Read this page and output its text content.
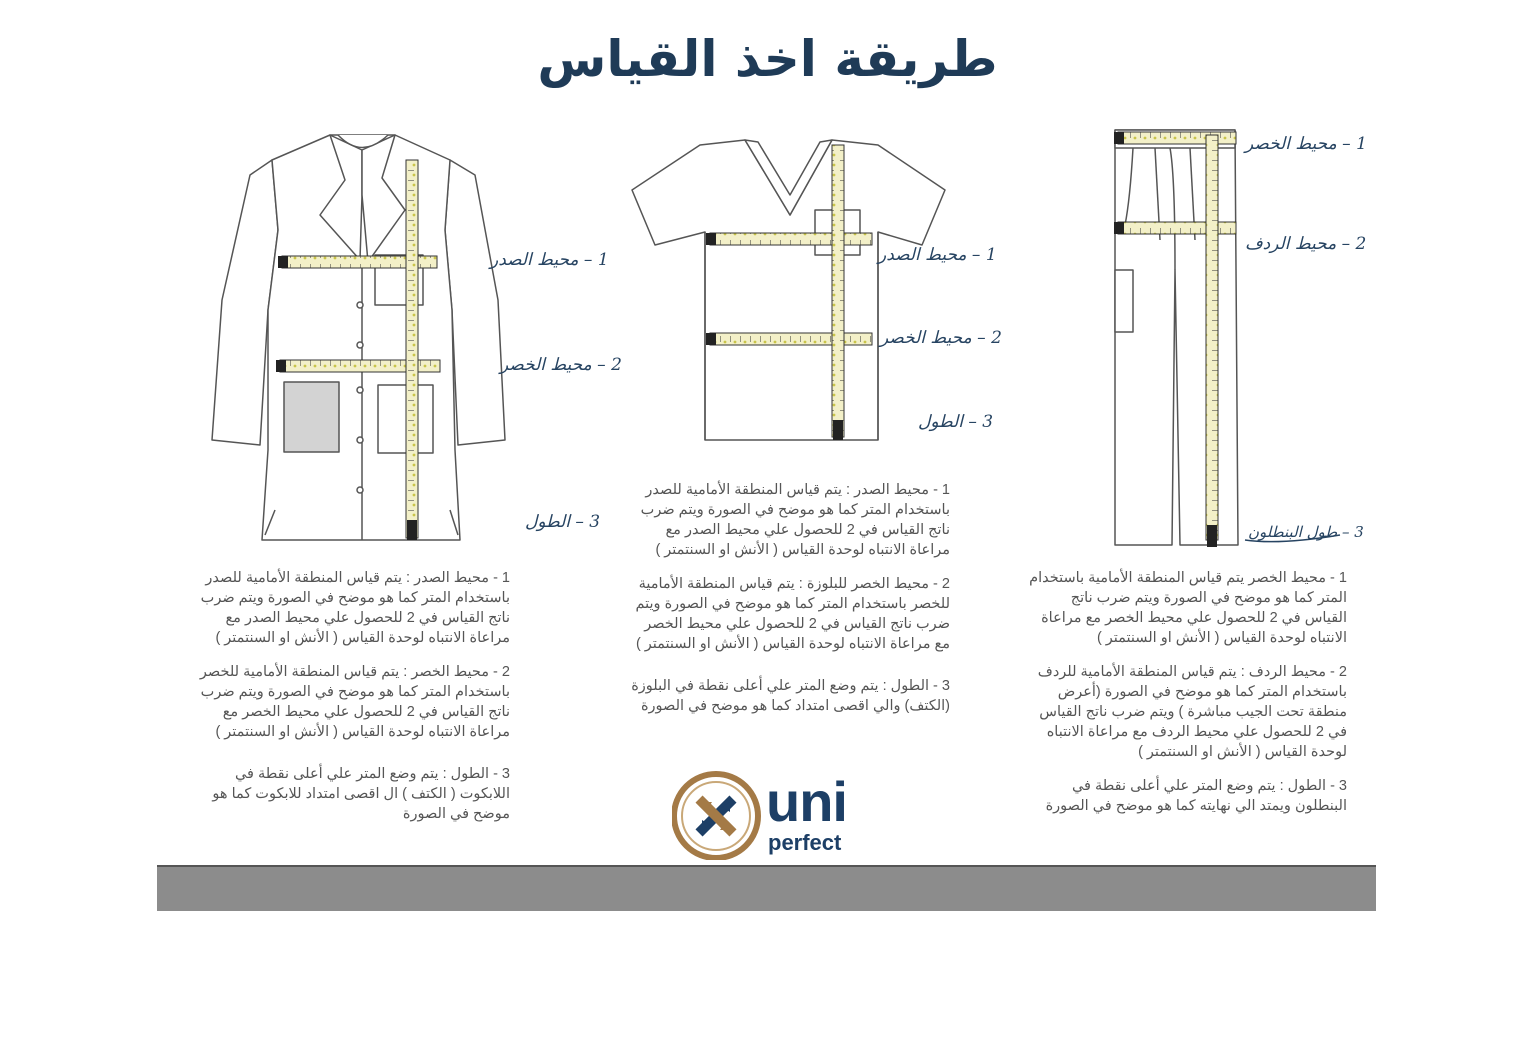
طريقة اخذ القياس
1 – محيط الصدر
2 – محيط الخصر
3 – الطول
1 – محيط الصدر
2 – محيط الخصر
3 – الطول
1 – محيط الخصر
2 – محيط الردف
3 – طول البنطلون

1 - محيط الصدر : يتم قياس المنطقة الأمامية للصدر باستخدام المتر كما هو موضح في الصورة ويتم ضرب ناتج القياس في 2 للحصول علي محيط الصدر مع مراعاة الانتباه لوحدة القياس ( الأنش او السنتمتر )

2 - محيط الخصر : يتم قياس المنطقة الأمامية للخصر باستخدام المتر كما هو موضح في الصورة ويتم ضرب ناتج القياس في 2 للحصول علي محيط الخصر مع مراعاة الانتباه لوحدة القياس ( الأنش او السنتمتر )

3 - الطول : يتم وضع المتر علي أعلى نقطة في اللابكوت ( الكتف ) ال اقصى امتداد للابكوت كما هو موضح في الصورة

1 - محيط الصدر : يتم قياس المنطقة الأمامية للصدر باستخدام المتر كما هو موضح في الصورة ويتم ضرب ناتج القياس في 2 للحصول علي محيط الصدر مع مراعاة الانتباه لوحدة القياس ( الأنش او السنتمتر )

2 - محيط الخصر للبلوزة : يتم قياس المنطقة الأمامية للخصر باستخدام المتر كما هو موضح في الصورة ويتم ضرب ناتج القياس في 2 للحصول علي محيط الخصر مع مراعاة الانتباه لوحدة القياس ( الأنش او السنتمتر )

3 - الطول : يتم وضع المتر علي أعلى نقطة في البلوزة (الكتف) والي اقصى امتداد كما هو موضح في الصورة

1 - محيط الخصر يتم قياس المنطقة الأمامية باستخدام المتر كما هو موضح في الصورة ويتم ضرب ناتج القياس في 2 للحصول علي محيط الخصر مع مراعاة الانتباه لوحدة القياس ( الأنش او السنتمتر )

2 - محيط الردف : يتم قياس المنطقة الأمامية للردف باستخدام المتر كما هو موضح في الصورة (أعرض منطقة تحت الجيب مباشرة ) ويتم ضرب ناتج القياس في 2 للحصول علي محيط الردف مع مراعاة الانتباه لوحدة القياس ( الأنش او السنتمتر )

3 - الطول : يتم وضع المتر علي أعلى نقطة في البنطلون ويمتد الي نهايته كما هو موضح في الصورة

uni
perfect
